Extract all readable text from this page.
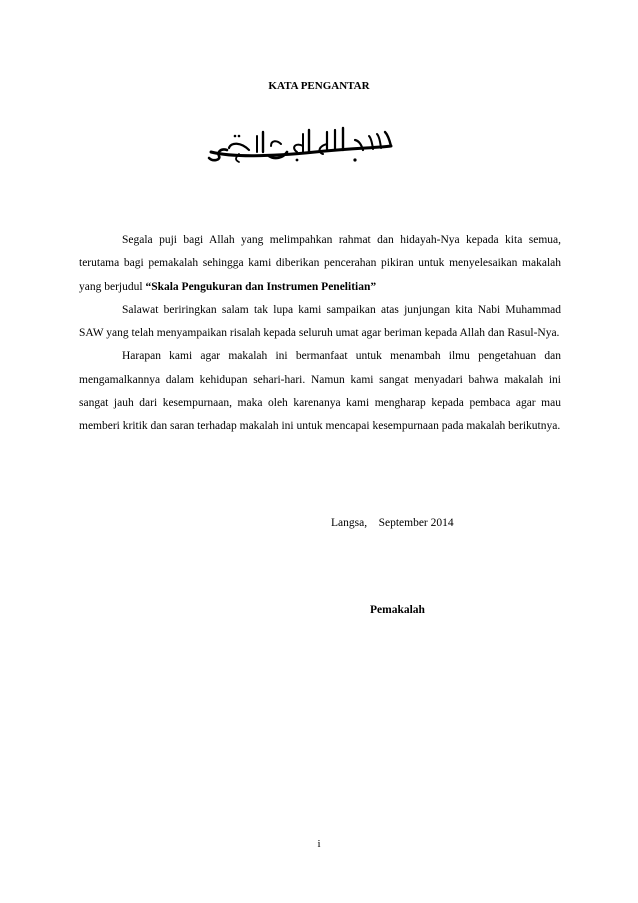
KATA PENGANTAR

Segala puji bagi Allah yang melimpahkan rahmat dan hidayah-Nya kepada kita semua, terutama bagi pemakalah sehingga kami diberikan pencerahan pikiran untuk menyelesaikan makalah yang berjudul “Skala Pengukuran dan Instrumen Penelitian”

Salawat beriringkan salam tak lupa kami sampaikan atas junjungan kita Nabi Muhammad SAW yang telah menyampaikan risalah kepada seluruh umat agar beriman kepada Allah dan Rasul-Nya.

Harapan kami agar makalah ini bermanfaat untuk menambah ilmu pengetahuan dan mengamalkannya dalam kehidupan sehari-hari. Namun kami sangat menyadari bahwa makalah ini sangat jauh dari kesempurnaan, maka oleh karenanya kami mengharap kepada pembaca agar mau memberi kritik dan saran terhadap makalah ini untuk mencapai kesempurnaan pada makalah berikutnya.

Langsa,    September 2014
Pemakalah
i
